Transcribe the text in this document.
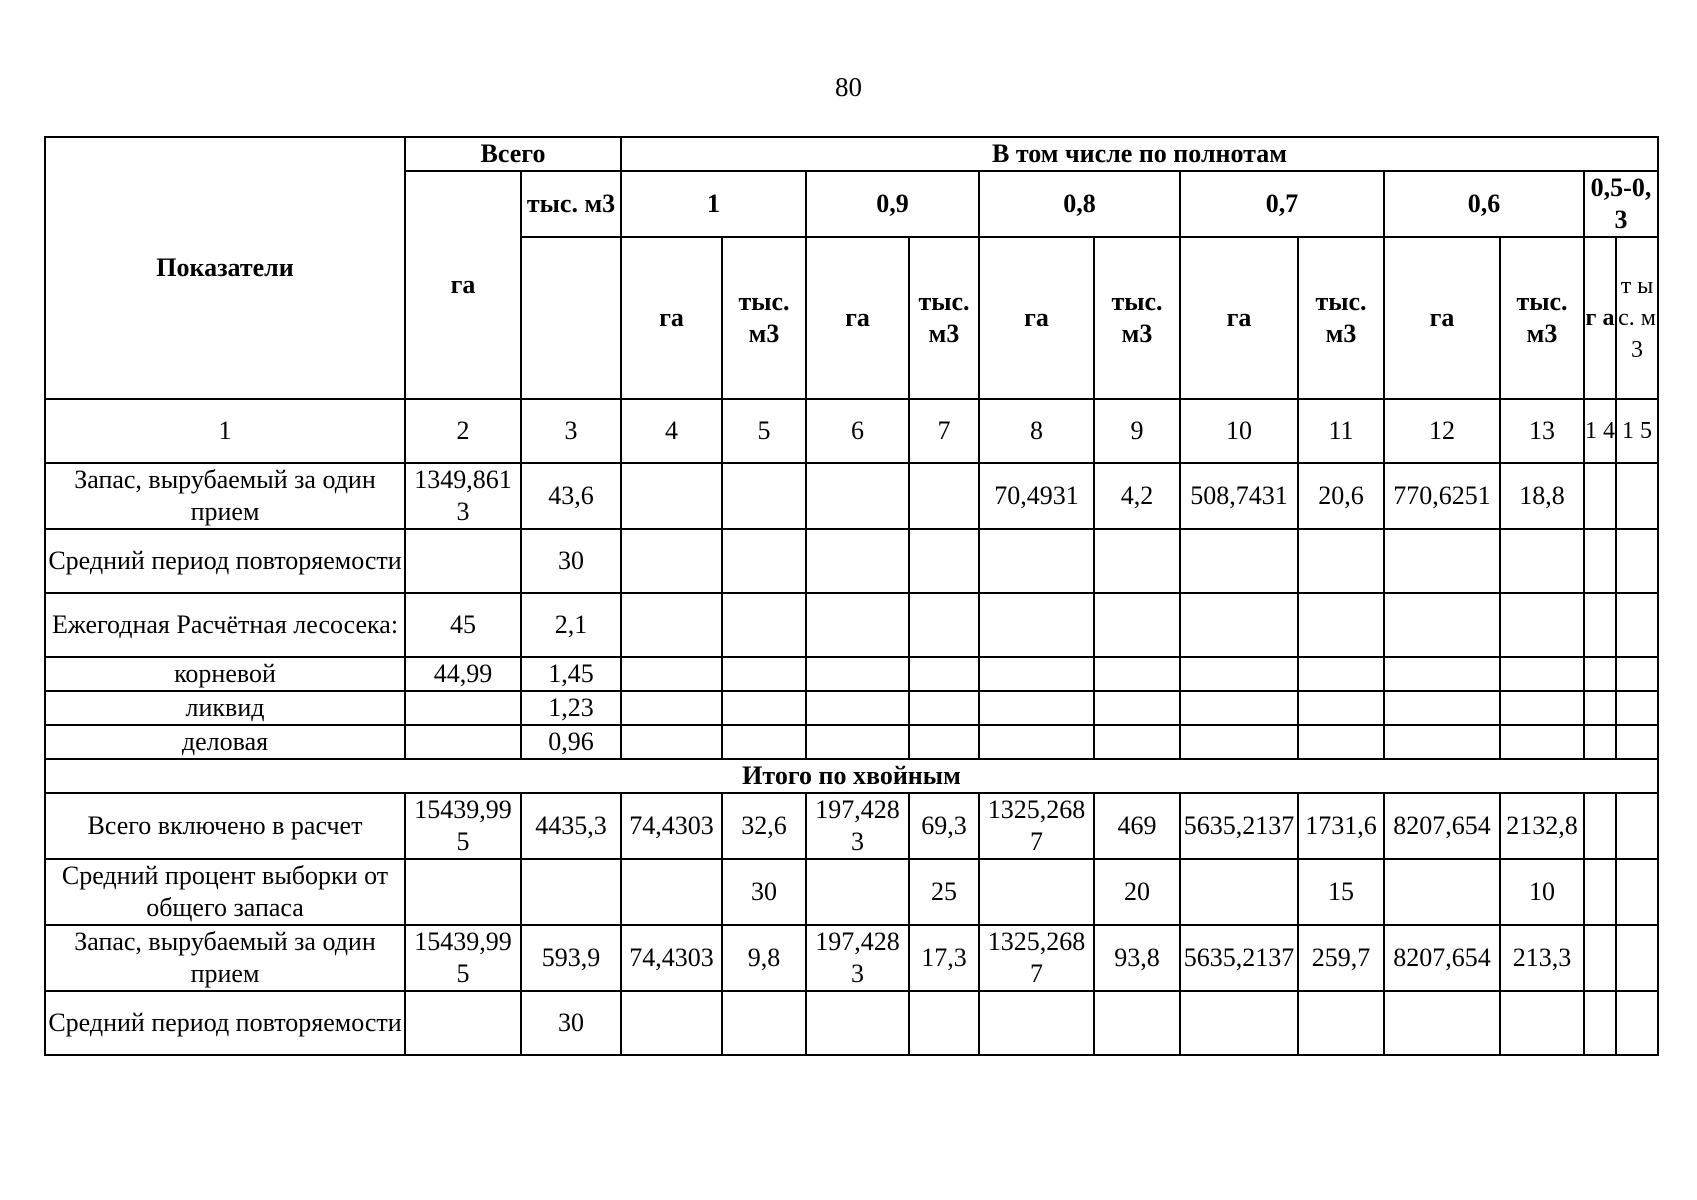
80
Показатели	Всего		В том числе по полнотам											
	га	тыс. м3	1		0,9		0,8		0,7		0,6		0,5-0,3	
			га	тыс. м3	га	тыс. м3	га	тыс. м3	га	тыс. м3	га	тыс. м3	г а	т ы с. м 3
1	2	3	4	5	6	7	8	9	10	11	12	13	1 4	1 5
Запас, вырубаемый за один прием	1349,8613	43,6					70,4931	4,2	508,7431	20,6	770,6251	18,8		
Средний период повторяемости		30												
Ежегодная Расчётная лесосека:	45	2,1												
корневой	44,99	1,45												
ликвид		1,23												
деловая		0,96												
Итого по хвойным														
Всего включено в расчет	15439,995	4435,3	74,4303	32,6	197,4283	69,3	1325,2687	469	5635,2137	1731,6	8207,654	2132,8		
Средний процент выборки от общего запаса				30		25		20		15		10		
Запас, вырубаемый за один прием	15439,995	593,9	74,4303	9,8	197,4283	17,3	1325,2687	93,8	5635,2137	259,7	8207,654	213,3		
Средний период повторяемости		30												
